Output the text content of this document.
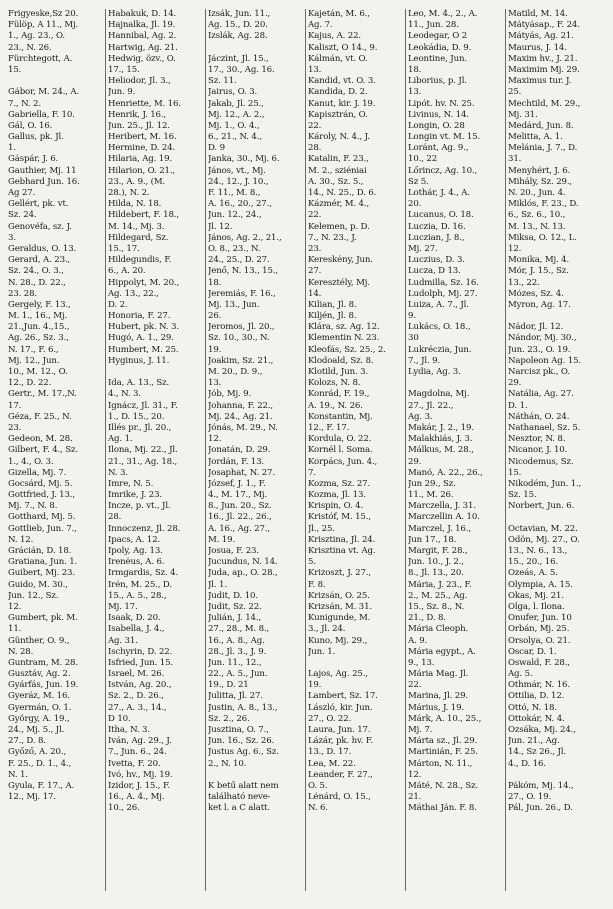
Frigyeske,Sz 20.
Fülöp, A 11., Mj.
1., Ag. 23., O.
23., N. 26.
Fürchtegott, A.
15.
Gábor, M. 24., A.
7., N. 2.
Gabriella, F. 10.
Gál, O. 16.
Gallus, pk. Jl.
1.
Gáspár, J. 6.
Gauthier, Mj. 11
Gebhard Jun. 16.
Ag 27.
Gellért, pk. vt.
Sz. 24.
Genovéfa, sz. J.
3.
Geraldus, O. 13.
Gerard, A. 23.,
Sz. 24., O. 3.,
N. 28., D. 22.,
23. 28.
Gergely, F. 13.,
M. 1., 16., Mj.
21.,Jun. 4.,15.,
Ag. 26., Sz. 3.,
N. 17., F. 6.,
Mj. 12., Jun.
10., M. 12., O.
12., D. 22.
Gertr., M. 17.,N.
17.
Géza, F. 25., N.
23.
Gedeon, M. 28.
Gilbert, F. 4., Sz.
1., 4., O. 3.
Gizella, Mj. 7.
Gocsárd, Mj. 5.
Gottfried, J. 13.,
Mj. 7., N. 8.
Gotthard, Mj. 5.
Gottlieb, Jun. 7.,
N. 12.
Grácián, D. 18.
Gratiana, Jun. 1.
Guibert, Mj. 23.
Guido, M. 30.,
Jun. 12., Sz.
12.
Gumbert, pk. M.
11.
Günther, O. 9.,
N. 28.
Guntram, M. 28.
Gusztáv, Ag. 2.
Gyárfás, Jun. 19.
Gyeráz, M. 16.
Gyermán, O. 1.
György, A. 19.,
24., Mj. 5., Jl.
27., D. 8.
Győző, A. 20.,
F. 25., D. 1., 4.,
N. 1.
Gyula, F. 17., A.
12., Mj. 17.
Habakuk, D. 14.
Hajnalka, Jl. 19.
Hannibal, Ag. 2.
Hartwig, Ag. 21.
Hedwig, özv., O.
17., 15.
Heliodor, Jl. 3.,
Jun. 9.
Henriette, M. 16.
Henrik, J. 16.,
Jun. 25., Jl. 12.
Heribert, M. 16.
Hermine, D. 24.
Hilaria, Ag. 19.
Hilarion, O. 21.,
23., A. 9., (M.
28.), N. 2.
Hilda, N. 18.
Hildebert, F. 18.,
M. 14., Mj. 3.
Hildegard, Sz.
15., 17.
Hildegundis, F.
6., A. 20.
Hippolyt, M. 20.,
Ag. 13., 22.,
D. 2.
Honoria, F. 27.
Hubert, pk. N. 3.
Hugó, A. 1., 29.
Humbert, M. 25.
Hyginus, J. 11.
Ida, A. 13., Sz.
4., N. 3.
Ignácz, Jl. 31., F.
1., D. 15., 20.
Illés pr., Jl. 20.,
Ag. 1.
Ilona, Mj. 22., Jl.
21., 31., Ag. 18.,
N. 3.
Imre, N. 5.
Imrike, J. 23.
Incze, p. vt., Jl.
28.
Innoczenz, Jl. 28.
Ipacs, A. 12.
Ipoly, Ag. 13.
Irenėus, A. 6.
Irmgardis, Sz. 4.
Irén, M. 25., D.
15., A. 5., 28.,
Mj. 17.
Isaak, D. 20.
Isabella, J. 4.,
Ag. 31.
Ischyrin, D. 22.
Isfried, Jun. 15.
Israel, M. 26.
István, Ag. 20.,
Sz. 2., D. 26.,
27., A. 3., 14.,
D 10.
Itha, N. 3.
Iván, Ag. 29., J.
7., Jun. 6., 24.
Ivetta, F. 20.
Ivó, hv., Mj. 19.
Izidor, J. 15., F.
16., A. 4., Mj.
10., 26.
Izsák, Jun. 11.,
Ag. 15., D. 20.
Izslák, Ag. 28.
Jáczint, Jl. 15.,
17., 30., Ag. 16.
Sz. 11.
Jairus, O. 3.
Jakab, Jl. 25.,
Mj. 12., A. 2.,
Mj. 1., O. 4.,
6., 21., N. 4.,
D. 9
Janka, 30., Mj. 6.
János, vt., Mj.
24., 12., J. 10.,
F. 11., M. 8.,
A. 16., 20., 27.,
Jun. 12., 24.,
Jl. 12.
János, Ag. 2., 21.,
O. 8., 23., N.
24., 25., D. 27.
Jenő, N. 13., 15.,
18.
Jeremiás, F. 16.,
Mj. 13., Jun.
26.
Jeromos, Jl. 20.,
Sz. 10., 30., N.
19.
Joakim, Sz. 21.,
M. 20., D. 9.,
13.
Jób, Mj. 9.
Johanna, F. 22.,
Mj. 24., Ag. 21.
Jónás, M. 29., N.
12.
Jonatán, D. 29.
Jordán, F. 13.
Josaphat, N. 27.
József, J. 1., F.
4., M. 17., Mj.
8., Jun. 20., Sz.
16., Jl. 22., 26.,
A. 16., Ag. 27.,
M. 19.
Josua, F. 23.
Jucundus, N. 14.
Juda, ap., O. 28.,
Jl. 1.
Judit, D. 10.
Judit, Sz. 22.
Julián, J. 14.,
27., 28., M. 8.,
16., A. 8., Ag.
28., Jl. 3., J. 9.
Jun. 11., 12.,
22., A. 5., Jun.
19., D. 21
Julitta, Jl. 27.
Justin, A. 8., 13.,
Sz. 2., 26.
Jusztina, O. 7.,
Jun. 16., Sz. 26.
Justus Ag. 6., Sz.
2., N. 10.
K betű alatt nem
található neve-
ket l. a C alatt.
Kajetán, M. 6.,
Ag. 7.
Kajus, A. 22.
Kaliszt, O 14., 9.
Kálmán, vt. O.
13.
Kandid, vt. O. 3.
Kandida, D. 2.
Kanut, kir. J. 19.
Kapisztrán, O.
22.
Károly, N. 4., J.
28.
Katalin, F. 23.,
M. 2., sziéniai
A. 30., Sz. 5.,
14., N. 25., D. 6.
Kázmér, M. 4.,
22.
Kelemen, p. D.
7., N. 23., J.
23.
Kereskény, Jun.
27.
Keresztély, Mj.
14.
Kilian, Jl. 8.
Kiljén, Jl. 8.
Klára, sz. Ag. 12.
Klementin N. 23.
Kleofás, Sz. 25., 2.
Klodoald, Sz. 8.
Klotild, Jun. 3.
Kolozs, N. 8.
Konrád, F. 19.,
A. 19., N. 26.
Konstantin, Mj.
12., F. 17.
Kordula, O. 22.
Kornél l. Soma.
Korpács, Jun. 4.,
7.
Kozma, Sz. 27.
Kozma, Jl. 13.
Krispin, O. 4.
Kristóf, M. 15.,
Jl., 25.
Krisztina, Jl. 24.
Krisztina vt. Ag.
5.
Krizoszt, J. 27.,
F. 8.
Krizsán, O. 25.
Krizsán, M. 31.
Kunigunde, M.
3., Jl. 24.
Kuno, Mj. 29.,
Jun. 1.
Lajos, Ag. 25.,
19.
Lambert, Sz. 17.
László, kir. Jun.
27., O. 22.
Laura, Jun. 17.
Lázár, pk. hv. F.
13., D. 17.
Lea, M. 22.
Leander, F. 27.,
O. 5.
Lénárd, O. 15.,
N. 6.
Leo, M. 4., 2., A.
11., Jun. 28.
Leodegar, O 2
Leokádia, D. 9.
Leontine, Jun.
18.
Liborius, p. Jl.
13.
Lipót. hv. N. 25.
Livinus, N. 14.
Longin, O. 28
Longin vt. M. 15.
Loránt, Ag. 9.,
10., 22
Lőrincz, Ag. 10.,
Sz 5.
Lothár, J. 4., A.
20.
Lucanus, O. 18.
Luczia, D. 16.
Luczian, J. 8.,
Mj. 27.
Luczius, D. 3.
Lucza, D 13.
Ludmilla, Sz. 16.
Ludolph, Mj. 27.
Luiza, A. 7., Jl.
9.
Lukács, O. 18.,
30
Lukréczia, Jun.
7., Jl. 9.
Lydia, Ag. 3.
Magdolna, Mj.
27., Jl. 22.,
Ag. 3.
Makár, J. 2., 19.
Malakhiás, J. 3.
Málkus, M. 28.,
29.
Manó, A. 22., 26.,
Jun 29., Sz.
11., M. 26.
Marczella, J. 31.
Marczellin A. 10.
Marczel, J. 16.,
Jun 17., 18.
Margit, F. 28.,
Jun. 10., J. 2.,
8., Jl. 13., 20.
Mária, J. 23., F.
2., M. 25., Ag.
15., Sz. 8., N.
21., D. 8.
Mária Cleoph.
A. 9.
Mária egypt., A.
9., 13.
Mária Mag. Jl.
22.
Marina, Jl. 29.
Márius, J. 19.
Márk, A. 10., 25.,
Mj. 7.
Márta sz., Jl. 29.
Martinián, F. 25.
Márton, N. 11.,
12.
Máté, N. 28., Sz.
21.
Máthai Ján. F. 8.
Matild, M. 14.
Mátyásap., F. 24.
Mátyás, Ag. 21.
Maurus, J. 14.
Maxim hv., J. 21.
Maximim Mj. 29.
Maximus tur. J.
25.
Mechtild, M. 29.,
Mj. 31.
Medárd, Jun. 8.
Melitta, A. 1.
Melánia, J. 7., D.
31.
Menyhért, J. 6.
Mihály, Sz. 29.,
N. 20., Jun. 4.
Miklós, F. 23., D.
6., Sz. 6., 10.,
M. 13., N. 13.
Miksa, O. 12., L.
12.
Monika, Mj. 4.
Mór, J. 15., Sz.
13., 22.
Mózes, Sz. 4.
Myron, Ag. 17.
Nádor, Jl. 12.
Nándor, Mj. 30.,
Jun. 23., O. 19.
Napoleon Ag. 15.
Narcisz pk., O.
29.
Natália, Ag. 27.
D. 1.
Náthán, O. 24.
Nathanael, Sz. 5.
Nesztor, N. 8.
Nicanor, J. 10.
Nicodemus, Sz.
15.
Nikodém, Jun. 1.,
Sz. 15.
Norbert, Jun. 6.
Octavian, M. 22.
Ödön, Mj. 27., O.
13., N. 6., 13.,
15., 20., 16.
Ozeás, A. 5.
Olympia, A. 15.
Okas, Mj. 21.
Olga, l. Ilona.
Onufer, Jun. 10
Orbán, Mj. 25.
Orsolya, O. 21.
Oscar, D. 1.
Oswald, F. 28.,
Ag. 5.
Othmár, N. 16.
Ottilia, D. 12.
Ottó, N. 18.
Ottokár, N. 4.
Ozsáka, Mj. 24.,
Jun. 21., Ag.
14., Sz 26., Jl.
4., D. 16.
Pákóm, Mj. 14.,
27., O. 19.
Pál, Jun. 26., D.
